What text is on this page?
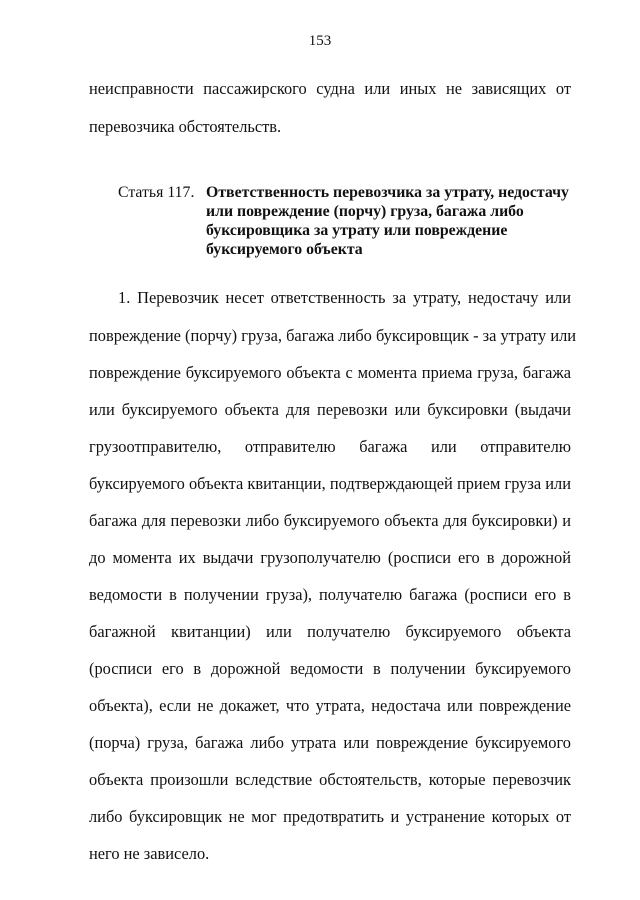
153
неисправности пассажирского судна или иных не зависящих от
перевозчика обстоятельств.
Статья 117. Ответственность перевозчика за утрату, недостачу
или повреждение (порчу) груза, багажа либо
буксировщика за утрату или повреждение
буксируемого объекта
1. Перевозчик несет ответственность за утрату, недостачу или
повреждение (порчу) груза, багажа либо буксировщик - за утрату или
повреждение буксируемого объекта с момента приема груза, багажа
или буксируемого объекта для перевозки или буксировки (выдачи
грузоотправителю, отправителю багажа или отправителю
буксируемого объекта квитанции, подтверждающей прием груза или
багажа для перевозки либо буксируемого объекта для буксировки) и
до момента их выдачи грузополучателю (росписи его в дорожной
ведомости в получении груза), получателю багажа (росписи его в
багажной квитанции) или получателю буксируемого объекта
(росписи его в дорожной ведомости в получении буксируемого
объекта), если не докажет, что утрата, недостача или повреждение
(порча) груза, багажа либо утрата или повреждение буксируемого
объекта произошли вследствие обстоятельств, которые перевозчик
либо буксировщик не мог предотвратить и устранение которых от
него не зависело.
